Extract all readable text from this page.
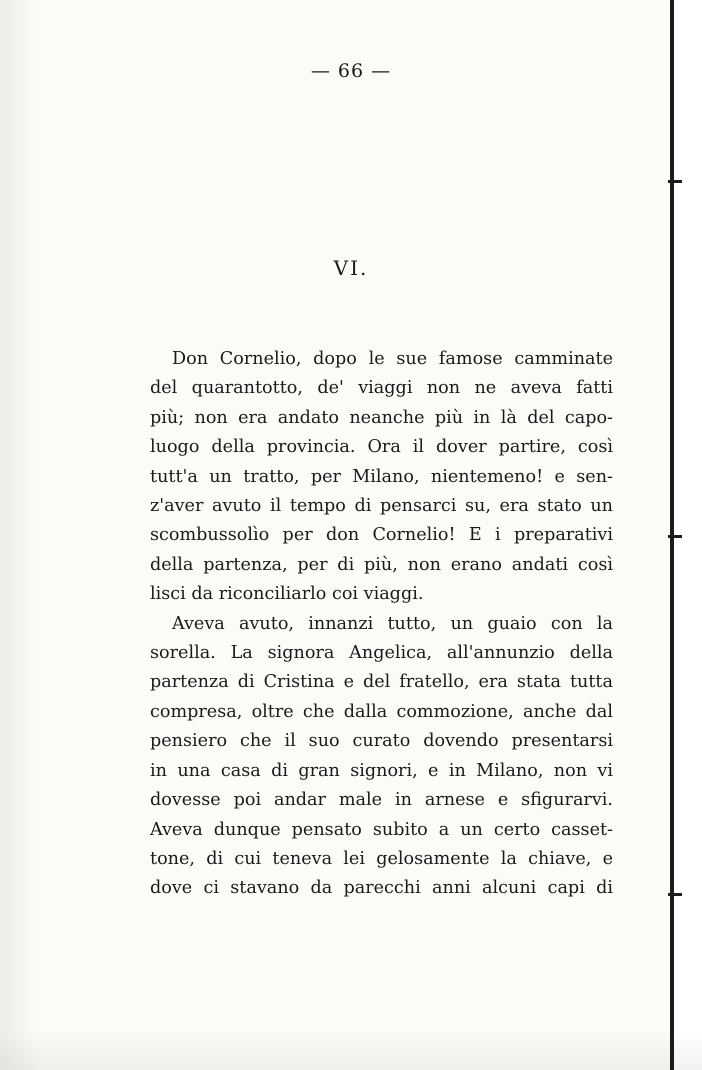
— 66 —
VI.
Don Cornelio, dopo le sue famose camminate
del quarantotto, de' viaggi non ne aveva fatti
più; non era andato neanche più in là del capo-
luogo della provincia. Ora il dover partire, così
tutt'a un tratto, per Milano, nientemeno! e sen-
z'aver avuto il tempo di pensarci su, era stato un
scombussolìo per don Cornelio! E i preparativi
della partenza, per di più, non erano andati così
lisci da riconciliarlo coi viaggi.
Aveva avuto, innanzi tutto, un guaio con la
sorella. La signora Angelica, all'annunzio della
partenza di Cristina e del fratello, era stata tutta
compresa, oltre che dalla commozione, anche dal
pensiero che il suo curato dovendo presentarsi
in una casa di gran signori, e in Milano, non vi
dovesse poi andar male in arnese e sfigurarvi.
Aveva dunque pensato subito a un certo casset-
tone, di cui teneva lei gelosamente la chiave, e
dove ci stavano da parecchi anni alcuni capi di
